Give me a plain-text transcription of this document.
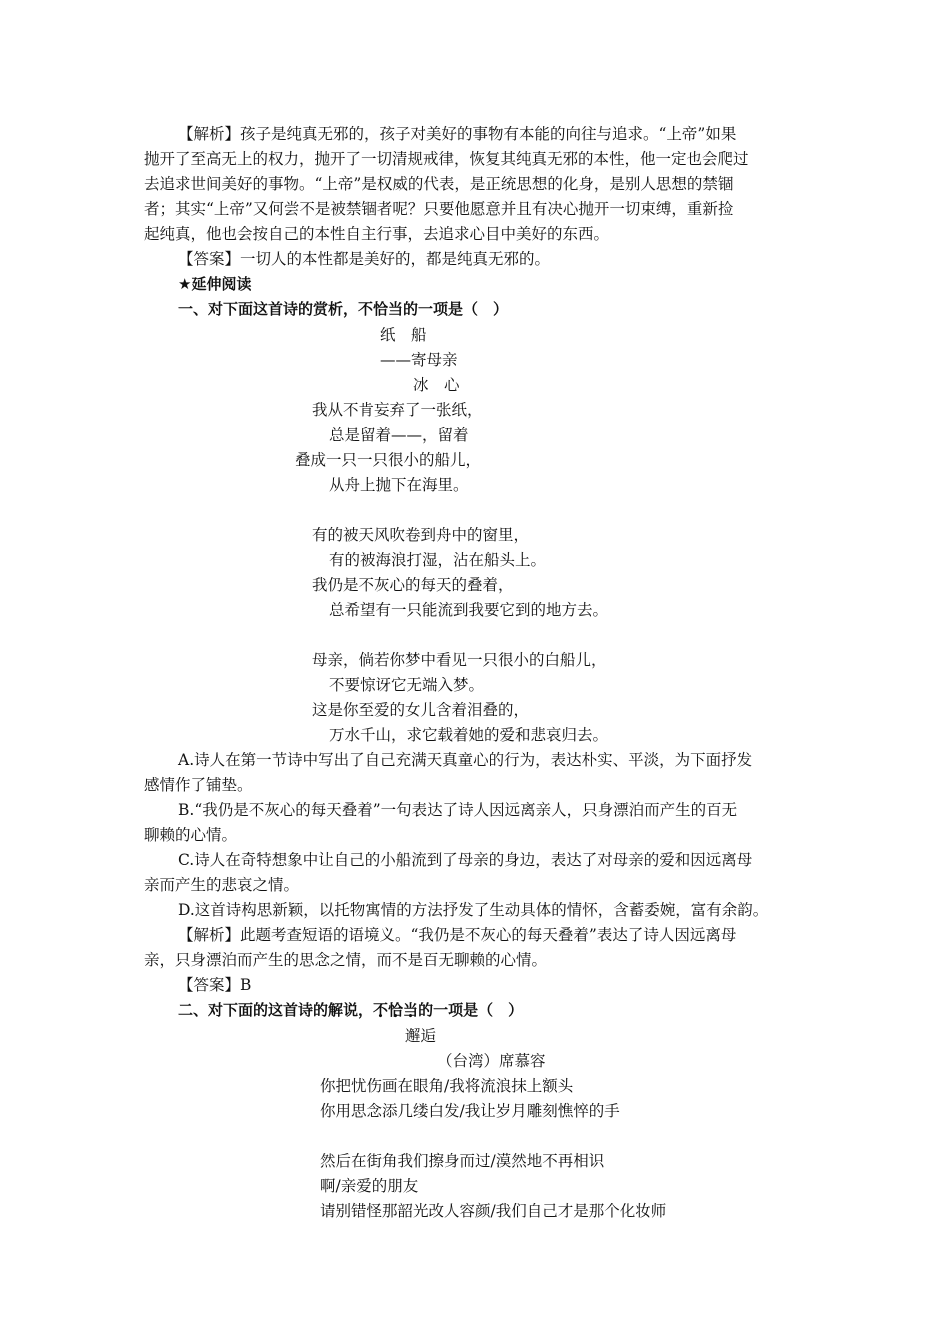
【解析】孩子是纯真无邪的，孩子对美好的事物有本能的向往与追求。“上帝”如果
抛开了至高无上的权力，抛开了一切清规戒律，恢复其纯真无邪的本性，他一定也会爬过
去追求世间美好的事物。“上帝”是权威的代表，是正统思想的化身，是别人思想的禁锢
者；其实“上帝”又何尝不是被禁锢者呢？只要他愿意并且有决心抛开一切束缚，重新捡
起纯真，他也会按自己的本性自主行事，去追求心目中美好的东西。
【答案】一切人的本性都是美好的，都是纯真无邪的。
★延伸阅读
一、对下面这首诗的赏析，不恰当的一项是（　）
纸　船
——寄母亲
冰　心
我从不肯妄弃了一张纸，
总是留着——，留着
叠成一只一只很小的船儿，
从舟上抛下在海里。
有的被天风吹卷到舟中的窗里，
有的被海浪打湿，沾在船头上。
我仍是不灰心的每天的叠着，
总希望有一只能流到我要它到的地方去。
母亲，倘若你梦中看见一只很小的白船儿，
不要惊讶它无端入梦。
这是你至爱的女儿含着泪叠的，
万水千山，求它载着她的爱和悲哀归去。
A.诗人在第一节诗中写出了自己充满天真童心的行为，表达朴实、平淡，为下面抒发
感情作了铺垫。
B.“我仍是不灰心的每天叠着”一句表达了诗人因远离亲人，只身漂泊而产生的百无
聊赖的心情。
C.诗人在奇特想象中让自己的小船流到了母亲的身边，表达了对母亲的爱和因远离母
亲而产生的悲哀之情。
D.这首诗构思新颖，以托物寓情的方法抒发了生动具体的情怀，含蓄委婉，富有余韵。
【解析】此题考查短语的语境义。“我仍是不灰心的每天叠着”表达了诗人因远离母
亲，只身漂泊而产生的思念之情，而不是百无聊赖的心情。
【答案】B
二、对下面的这首诗的解说，不恰当的一项是（　）
邂逅
（台湾）席慕容
你把忧伤画在眼角/我将流浪抹上额头
你用思念添几缕白发/我让岁月雕刻憔悴的手
然后在街角我们擦身而过/漠然地不再相识
啊/亲爱的朋友
请别错怪那韶光改人容颜/我们自己才是那个化妆师
